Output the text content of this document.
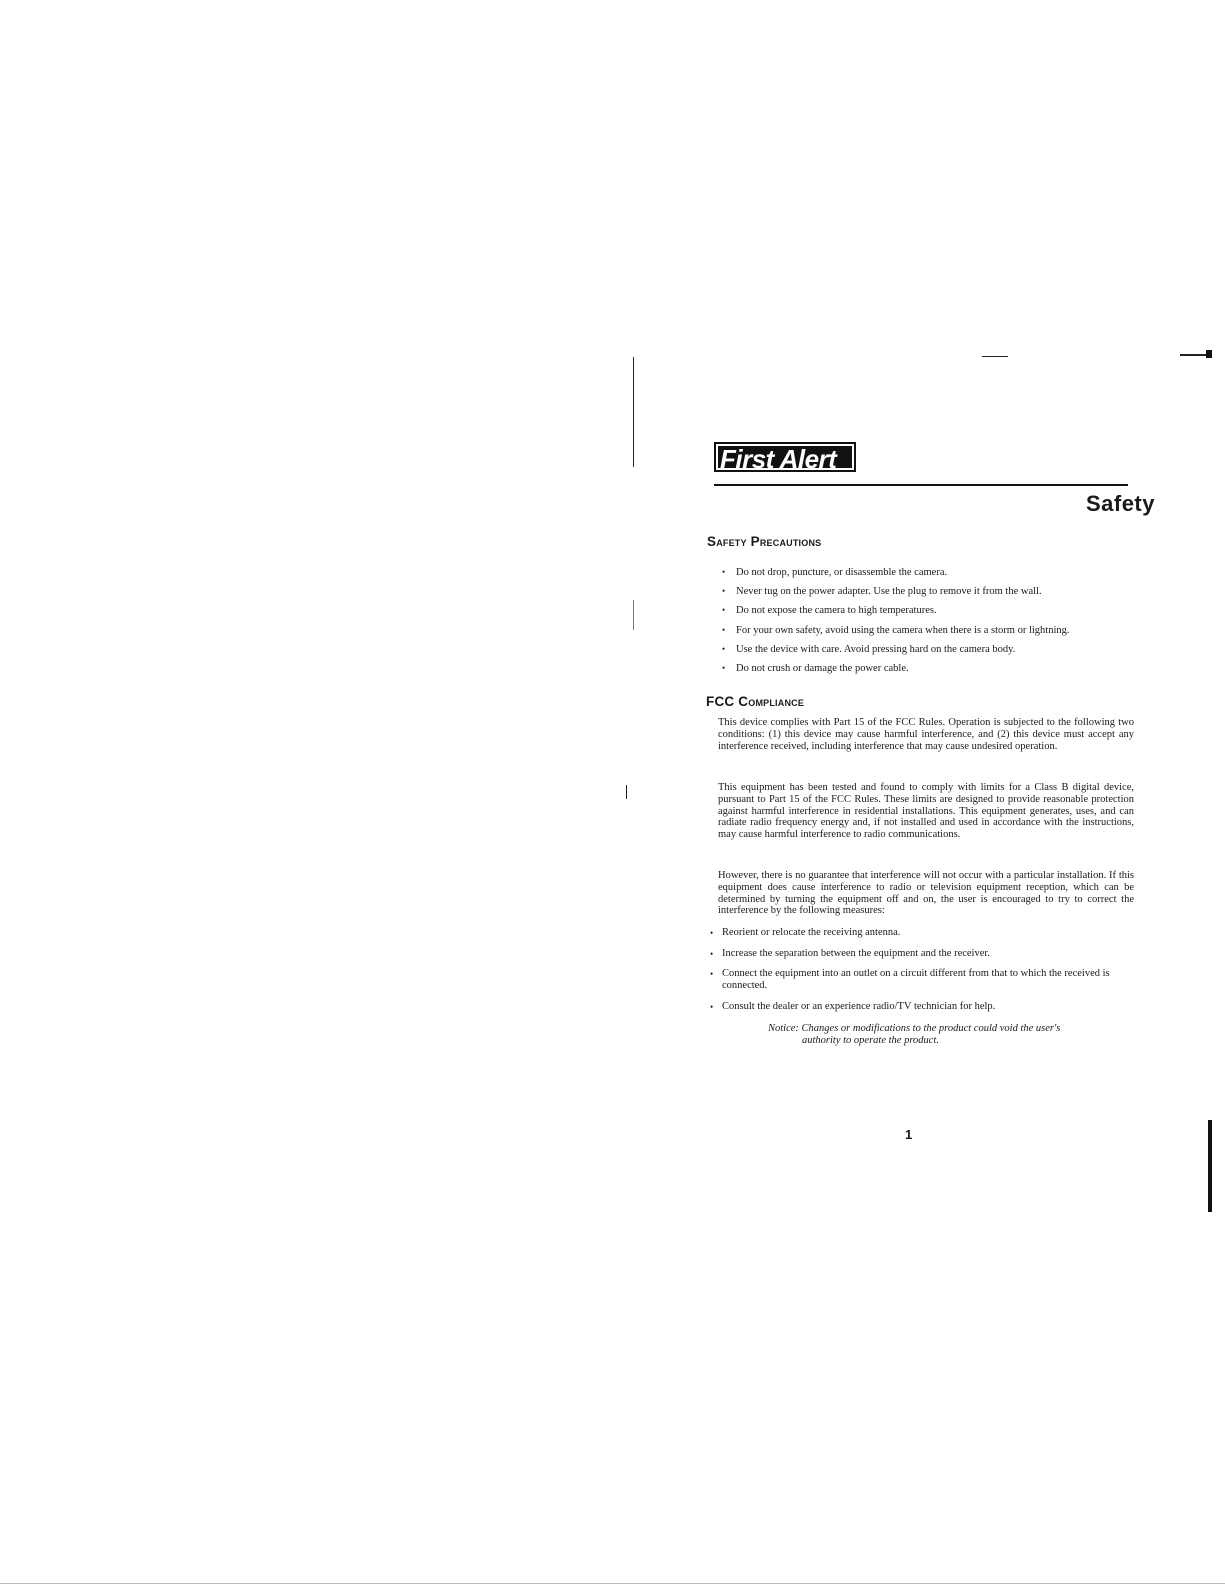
First Alert
Safety
Safety Precautions
• Do not drop, puncture, or disassemble the camera.
• Never tug on the power adapter. Use the plug to remove it from the wall.
• Do not expose the camera to high temperatures.
• For your own safety, avoid using the camera when there is a storm or lightning.
• Use the device with care. Avoid pressing hard on the camera body.
• Do not crush or damage the power cable.
FCC Compliance

This device complies with Part 15 of the FCC Rules. Operation is subjected to the following two conditions: (1) this device may cause harmful interference, and (2) this device must accept any interference received, including interference that may cause undesired operation.

This equipment has been tested and found to comply with limits for a Class B digital device, pursuant to Part 15 of the FCC Rules. These limits are designed to provide reasonable protection against harmful interference in residential installations. This equipment generates, uses, and can radiate radio frequency energy and, if not installed and used in accordance with the instructions, may cause harmful interference to radio communications.

However, there is no guarantee that interference will not occur with a particular installation. If this equipment does cause interference to radio or television equipment reception, which can be determined by turning the equipment off and on, the user is encouraged to try to correct the interference by the following measures:

• Reorient or relocate the receiving antenna.
• Increase the separation between the equipment and the receiver.
• Connect the equipment into an outlet on a circuit different from that to which the received is connected.
• Consult the dealer or an experience radio/TV technician for help.

Notice: Changes or modifications to the product could void the user's
authority to operate the product.

1
